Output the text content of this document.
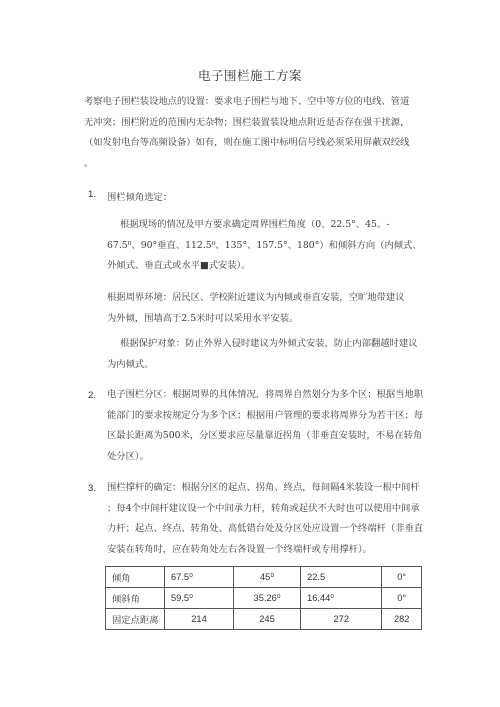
电子围栏施工方案
考察电子围栏装设地点的设置：要求电子围栏与地下、空中等方位的电线、管道
无冲突；围栏附近的范围内无杂物；围栏装置装设地点附近是否存在强干扰源，
（如发射电台等高频设备）如有，则在施工图中标明信号线必须采用屏蔽双绞线
。
1. 围栏倾角选定：
根据现场的情况及甲方要求确定周界围栏角度（0、22.5°、45。-
67.5⁰、90°垂直、112.5⁰、135°、157.5°、180°）和倾斜方向（内倾式、
外倾式、垂直式或水平■式安装）。
根据周界环境：居民区、学校附近建议为内倾或垂直安装，空旷地带建议
为外倾，围墙高于2.5米时可以采用水平安装。
根据保护对象：防止外界入侵时建议为外倾式安装，防止内部翻越时建议
为内倾式。
2. 电子围栏分区：根据周界的具体情况，将周界自然划分为多个区；根据当地职
能部门的要求按规定分为多个区；根据用户管理的要求将周界分为若干区；每
区最长距离为500米，分区要求应尽量靠近拐角（非垂直安装时，不易在转角
处分区）。
3. 围栏撑杆的确定：根据分区的起点、拐角、终点，每间隔4米装设一根中间杆
；每4个中间杆建议设一个中间承力杆，转角或起伏不大时也可以使用中间承
力杆；起点、终点、转角处、高低错台处及分区处应设置一个终端杆（非垂直
安装在转角时，应在转角处左右各设置一个终端杆或专用撑杆）。
倾角	67.5⁰	45⁰	22.5	0°
倾斜角	59.5⁰	35.26⁰	16.44⁰	0°
固定点距离	214	245	272	282
